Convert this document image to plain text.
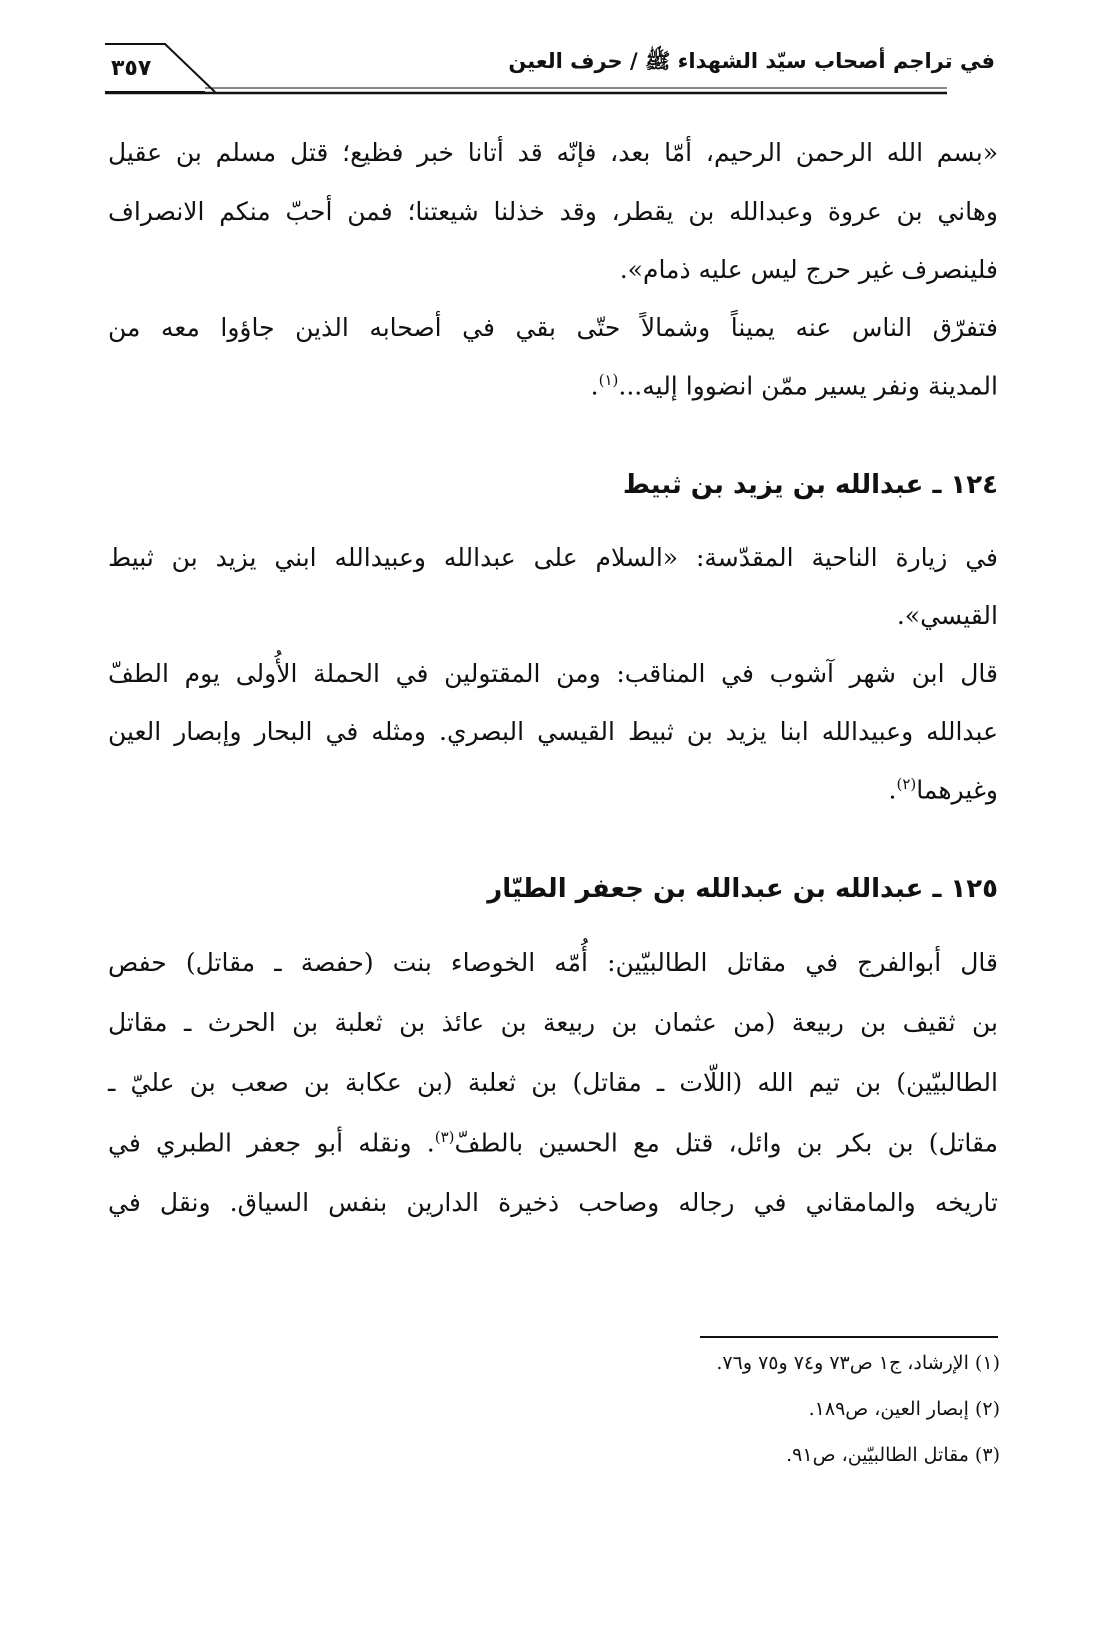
في تراجم أصحاب سيّد الشهداء ﷺ / حرف العين
٣٥٧
«بسم الله الرحمن الرحيم، أمّا بعد، فإنّه قد أتانا خبر فظيع؛ قتل مسلم بن عقيل
وهاني بن عروة وعبدالله بن يقطر، وقد خذلنا شيعتنا؛ فمن أحبّ منكم الانصراف
فلينصرف غير حرج ليس عليه ذمام».
فتفرّق الناس عنه يميناً وشمالاً حتّى بقي في أصحابه الذين جاؤوا معه من
المدينة ونفر يسير ممّن انضووا إليه...$^{(١)}$.
١٢٤ ـ عبدالله بن يزيد بن ثبيط
في زيارة الناحية المقدّسة: «السلام على عبدالله وعبيدالله ابني يزيد بن ثبيط
القيسي».
قال ابن شهر آشوب في المناقب: ومن المقتولين في الحملة الأُولى يوم الطفّ
عبدالله وعبيدالله ابنا يزيد بن ثبيط القيسي البصري. ومثله في البحار وإبصار العين
وغيرهما$^{(٢)}$.
١٢٥ ـ عبدالله بن عبدالله بن جعفر الطيّار
قال أبوالفرج في مقاتل الطالبيّين: أُمّه الخوصاء بنت (حفصة ـ مقاتل) حفص
بن ثقيف بن ربيعة (من عثمان بن ربيعة بن عائذ بن ثعلبة بن الحرث ـ مقاتل
الطالبيّين) بن تيم الله (اللّات ـ مقاتل) بن ثعلبة (بن عكابة بن صعب بن عليّ ـ
مقاتل) بن بكر بن وائل، قتل مع الحسين بالطفّ$^{(٣)}$. ونقله أبو جعفر الطبري في
تاريخه والمامقاني في رجاله وصاحب ذخيرة الدارين بنفس السياق. ونقل في
(١) الإرشاد، ج١ ص٧٣ و٧٤ و٧٥ و٧٦.
(٢) إبصار العين، ص١٨٩.
(٣) مقاتل الطالبيّين، ص٩١.
